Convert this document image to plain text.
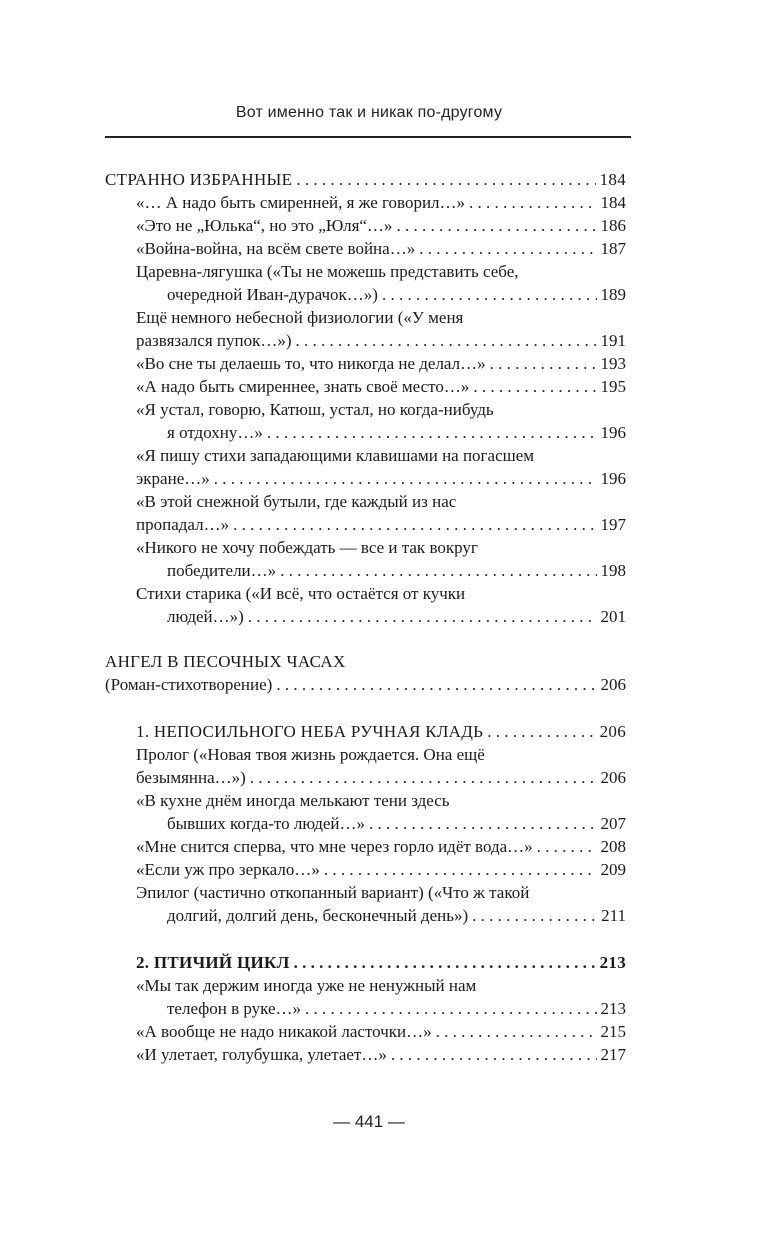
Вот именно так и никак по-другому
СТРАННО ИЗБРАННЫЕ . . .	184
«… А надо быть смиренней, я же говорил…» . . .	184
«Это не „Юлька“, но это „Юля“…» . . .	186
«Война-война, на всём свете война…» . . .	187
Царевна-лягушка («Ты не можешь представить себе,
очередной Иван-дурачок…») . . .	189
Ещё немного небесной физиологии («У меня
развязался пупок…») . . .	191
«Во сне ты делаешь то, что никогда не делал…» . . .	193
«А надо быть смиреннее, знать своё место…» . . .	195
«Я устал, говорю, Катюш, устал, но когда-нибудь
я отдохну…» . . .	196
«Я пишу стихи западающими клавишами на погасшем
экране…» . . .	196
«В этой снежной бутыли, где каждый из нас
пропадал…» . . .	197
«Никого не хочу побеждать — все и так вокруг
победители…» . . .	198
Стихи старика («И всё, что остаётся от кучки
людей…») . . .	201
АНГЕЛ В ПЕСОЧНЫХ ЧАСАХ
(Роман-стихотворение) . . .	206
1. НЕПОСИЛЬНОГО НЕБА РУЧНАЯ КЛАДЬ . . .	206
Пролог («Новая твоя жизнь рождается. Она ещё
безымянна…») . . .	206
«В кухне днём иногда мелькают тени здесь
бывших когда-то людей…» . . .	207
«Мне снится сперва, что мне через горло идёт вода…» . . .	208
«Если уж про зеркало…» . . .	209
Эпилог (частично откопанный вариант) («Что ж такой
долгий, долгий день, бесконечный день») . . .	211
2. ПТИЧИЙ ЦИКЛ . . .	213
«Мы так держим иногда уже не ненужный нам
телефон в руке…» . . .	213
«А вообще не надо никакой ласточки…» . . .	215
«И улетает, голубушка, улетает…» . . .	217
— 441 —
